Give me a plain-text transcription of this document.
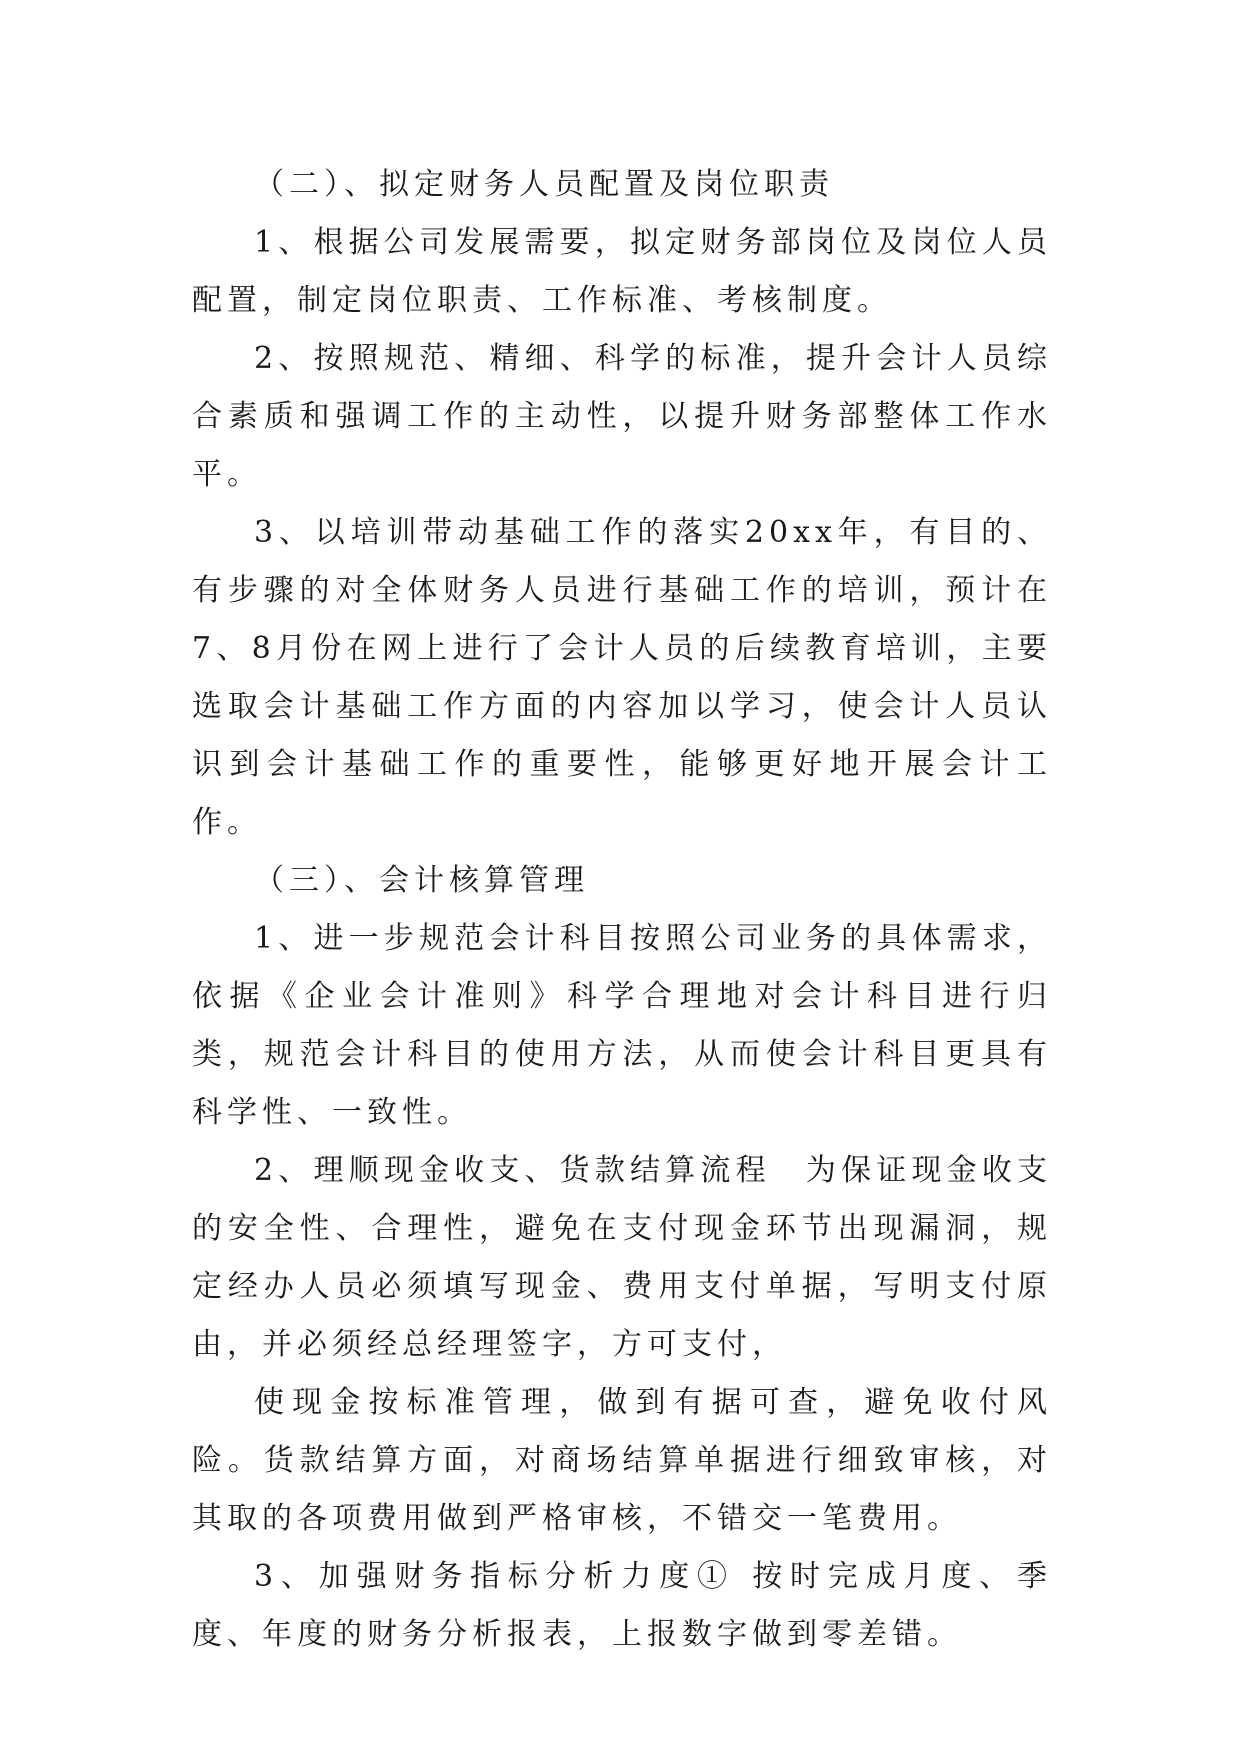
（二）、拟定财务人员配置及岗位职责

1、根据公司发展需要，拟定财务部岗位及岗位人员配置，制定岗位职责、工作标准、考核制度。

2、按照规范、精细、科学的标准，提升会计人员综合素质和强调工作的主动性，以提升财务部整体工作水平。

3、以培训带动基础工作的落实20xx年，有目的、有步骤的对全体财务人员进行基础工作的培训，预计在7、8月份在网上进行了会计人员的后续教育培训，主要选取会计基础工作方面的内容加以学习，使会计人员认识到会计基础工作的重要性，能够更好地开展会计工作。

（三）、会计核算管理

1、进一步规范会计科目按照公司业务的具体需求，依据《企业会计准则》科学合理地对会计科目进行归类，规范会计科目的使用方法，从而使会计科目更具有科学性、一致性。

2、理顺现金收支、货款结算流程　为保证现金收支的安全性、合理性，避免在支付现金环节出现漏洞，规定经办人员必须填写现金、费用支付单据，写明支付原由，并必须经总经理签字，方可支付，

使现金按标准管理，做到有据可查，避免收付风险。货款结算方面，对商场结算单据进行细致审核，对其取的各项费用做到严格审核，不错交一笔费用。

3、加强财务指标分析力度① 按时完成月度、季度、年度的财务分析报表，上报数字做到零差错。
